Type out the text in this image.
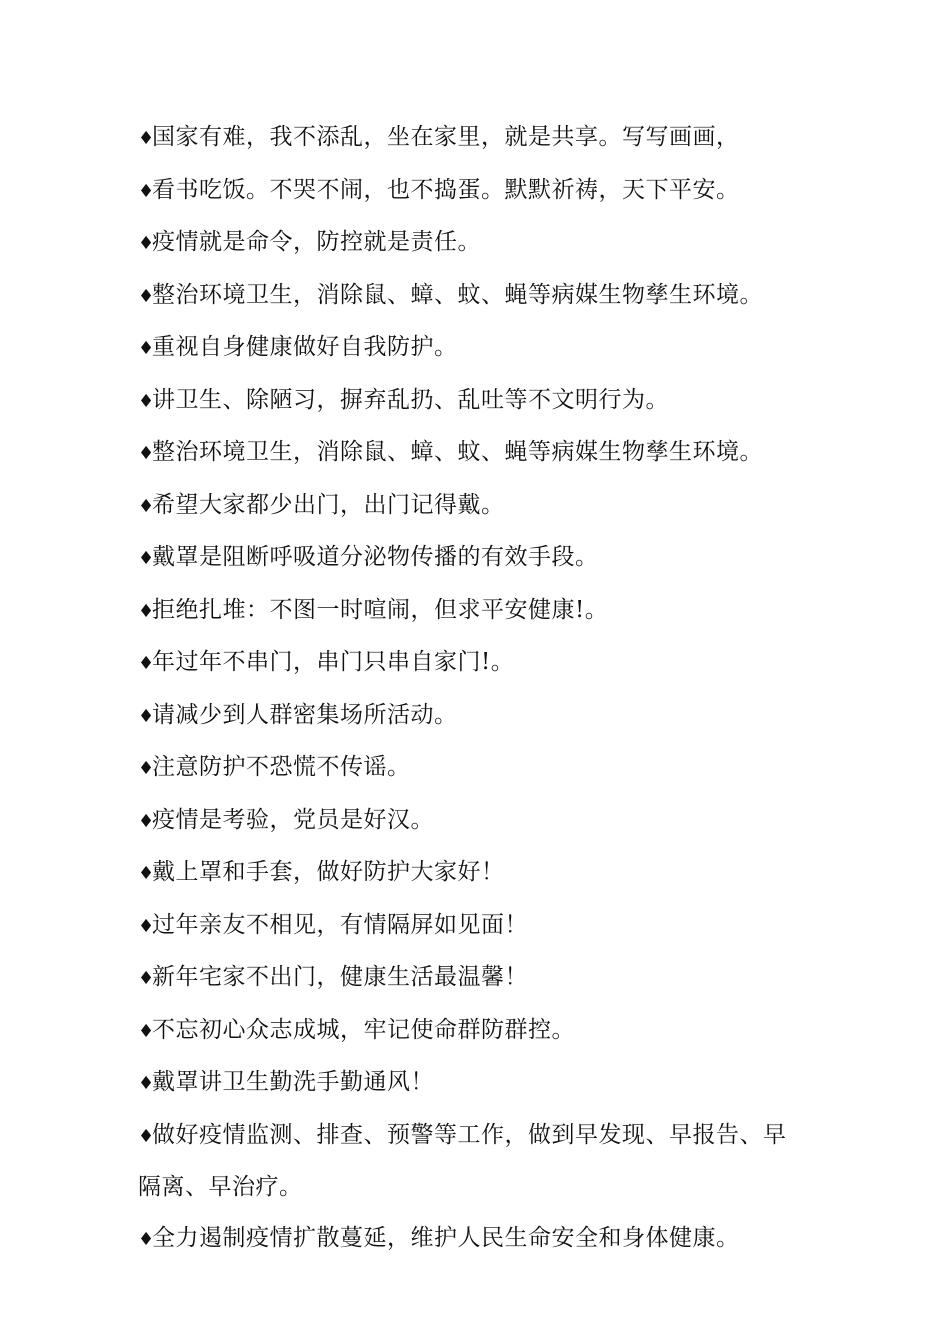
♦国家有难，我不添乱，坐在家里，就是共享。写写画画，

♦看书吃饭。不哭不闹，也不捣蛋。默默祈祷，天下平安。

♦疫情就是命令，防控就是责任。

♦整治环境卫生，消除鼠、蟑、蚊、蝇等病媒生物孳生环境。

♦重视自身健康做好自我防护。

♦讲卫生、除陋习，摒弃乱扔、乱吐等不文明行为。

♦整治环境卫生，消除鼠、蟑、蚊、蝇等病媒生物孳生环境。

♦希望大家都少出门，出门记得戴。

♦戴罩是阻断呼吸道分泌物传播的有效手段。

♦拒绝扎堆：不图一时喧闹，但求平安健康!。

♦年过年不串门，串门只串自家门!。

♦请减少到人群密集场所活动。

♦注意防护不恐慌不传谣。

♦疫情是考验，党员是好汉。

♦戴上罩和手套，做好防护大家好！

♦过年亲友不相见，有情隔屏如见面！

♦新年宅家不出门，健康生活最温馨！

♦不忘初心众志成城，牢记使命群防群控。

♦戴罩讲卫生勤洗手勤通风！

♦做好疫情监测、排查、预警等工作，做到早发现、早报告、早

隔离、早治疗。

♦全力遏制疫情扩散蔓延，维护人民生命安全和身体健康。
